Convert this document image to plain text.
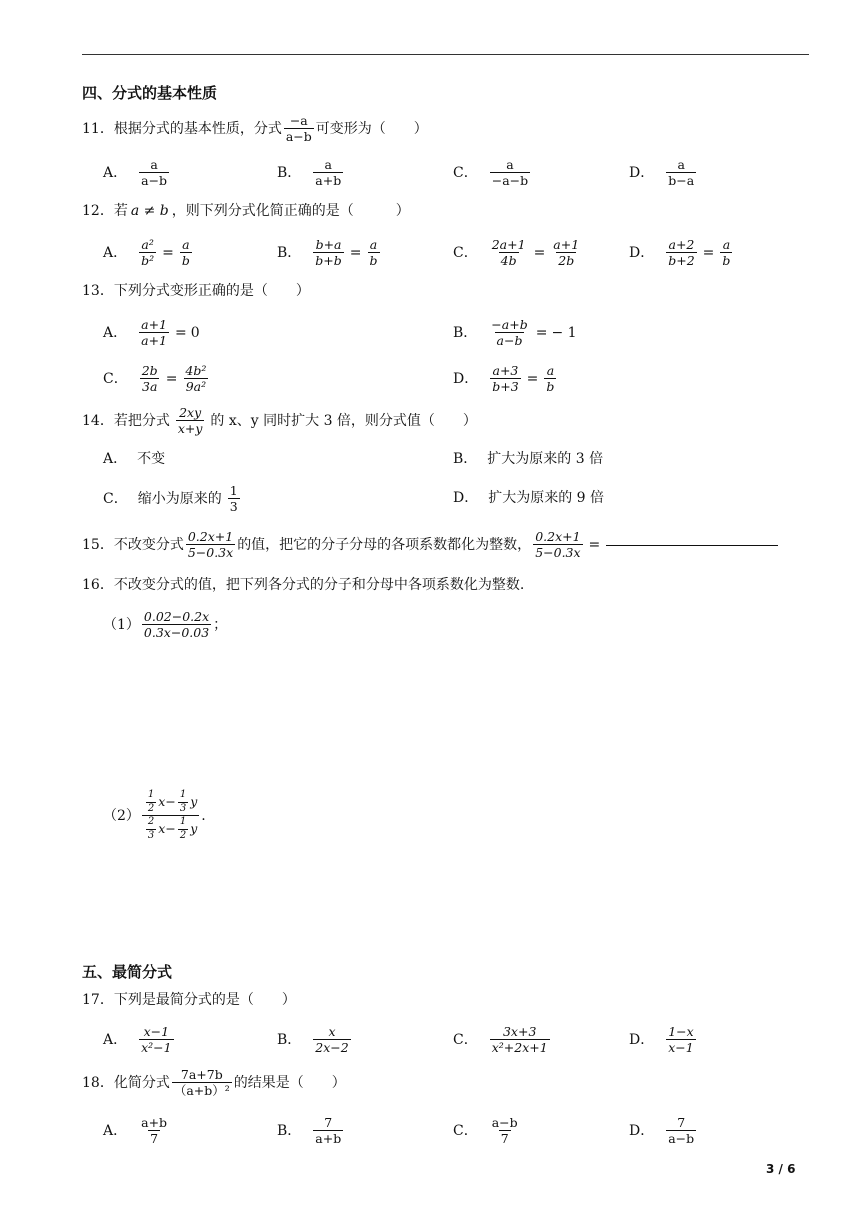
四、分式的基本性质
11． 根据分式的基本性质，分式 $\frac{-a}{a-b}$ 可变形为（　　）
A． $\frac{a}{a-b}$	B． $\frac{a}{a+b}$	C． $\frac{a}{-a-b}$	D． $\frac{a}{b-a}$
12． 若 a ≠ b ，则下列分式化简正确的是（　　　）
A． $\frac{\text{a²}}{\text{b²}} = \frac{a}{b}$	B． $\frac{b+a}{b+b} = \frac{a}{b}$	C． $\frac{2a+1}{4b} = \frac{a+1}{2b}$	D． $\frac{a+2}{b+2} = \frac{a}{b}$
13．下列分式变形正确的是（　　）
A． $\frac{a+1}{a+1} = 0$	B． $\frac{-a+b}{a-b}$ = − 1
C． $\frac{2b}{3a} = \frac{\text{4b²}}{\text{9a²}}$	D． $\frac{a+3}{b+3} = \frac{a}{b}$
14． 若把分式 $\frac{2xy}{x+y}$ 的 x、y 同时扩大 3 倍，则分式值（　　）
A． 不变	B． 扩大为原来的 3 倍
C． 缩小为原来的 $\frac{1}{3}$	D． 扩大为原来的 9 倍
15． 不改变分式 $\frac{0.2x+1}{5-0.3x}$ 的值，把它的分子分母的各项系数都化为整数， $\frac{0.2x+1}{5-0.3x}$ =
16．不改变分式的值，把下列各分式的分子和分母中各项系数化为整数.
$(1) \frac{0.02-0.2x}{0.3x-0.03}$ ；
$(2) \frac{\frac{1}{2} x- \frac{1}{3} y}{\frac{2}{3} x- \frac{1}{2} y}$ .
五、最简分式
17．下列是最简分式的是（　　）
A． $\frac{x-1}{\text{x²−1}}$	B． $\frac{x}{2x-2}$	C． $\frac{3x+3}{\text{x²+2x+1}}$	D． $\frac{1-x}{x-1}$
18． 化简分式 $\frac{7a+7b}{\text{（a+b）²}}$ 的结果是（　　）
A． $\frac{a+b}{7}$	B． $\frac{7}{a+b}$	C． $\frac{a-b}{7}$	D． $\frac{7}{a-b}$
3 / 6
